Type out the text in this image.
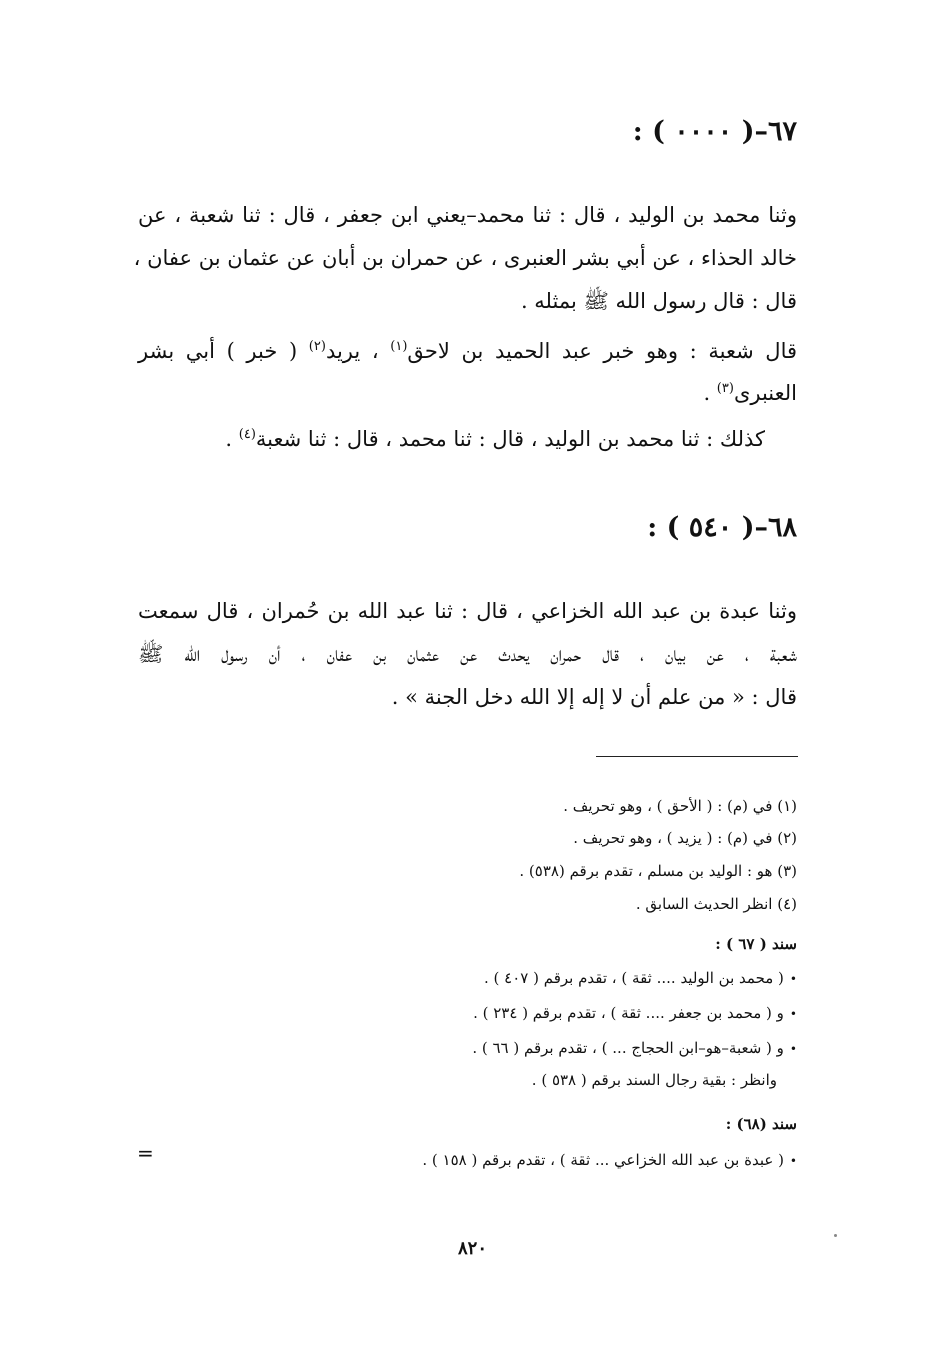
٦٧–( ٠٠٠٠ ) :
وثنا محمد بن الوليد ، قال : ثنا محمد–يعني ابن جعفر ، قال : ثنا شعبة ، عن
خالد الحذاء ، عن أبي بشر العنبرى ، عن حمران بن أبان عن عثمان بن عفان ،
قال : قال رسول الله ﷺ بمثله .
قال شعبة : وهو خبر عبد الحميد بن لاحق$^{(١)}$ ، يريد$^{(٢)}$ ( خبر ) أبي بشر
العنبرى$^{(٣)}$ .
كذلك : ثنا محمد بن الوليد ، قال : ثنا محمد ، قال : ثنا شعبة$^{(٤)}$ .
٦٨–( ٥٤٠ ) :
وثنا عبدة بن عبد الله الخزاعي ، قال : ثنا عبد الله بن حُمران ، قال سمعت
شعبة ، عن بيان ، قال حمران يحدث عن عثمان بن عفان ، أن رسول الله ﷺ
قال : « من علم أن لا إله إلا الله دخل الجنة » .
(١) في (م) : ( الأحق ) ، وهو تحريف .
(٢) في (م) : ( يزيد ) ، وهو تحريف .
(٣) هو : الوليد بن مسلم ، تقدم برقم (٥٣٨) .
(٤) انظر الحديث السابق .
سند ( ٦٧ ) :
•( محمد بن الوليد .... ثقة ) ، تقدم برقم ( ٤٠٧ ) .
•و ( محمد بن جعفر .... ثقة ) ، تقدم برقم ( ٢٣٤ ) .
•و ( شعبة–هو–ابن الحجاج ... ) ، تقدم برقم ( ٦٦ ) .
وانظر : بقية رجال السند برقم ( ٥٣٨ ) .
سند (٦٨) :
•( عبدة بن عبد الله الخزاعي ... ثقة ) ، تقدم برقم ( ١٥٨ ) .
=
٨٢٠
